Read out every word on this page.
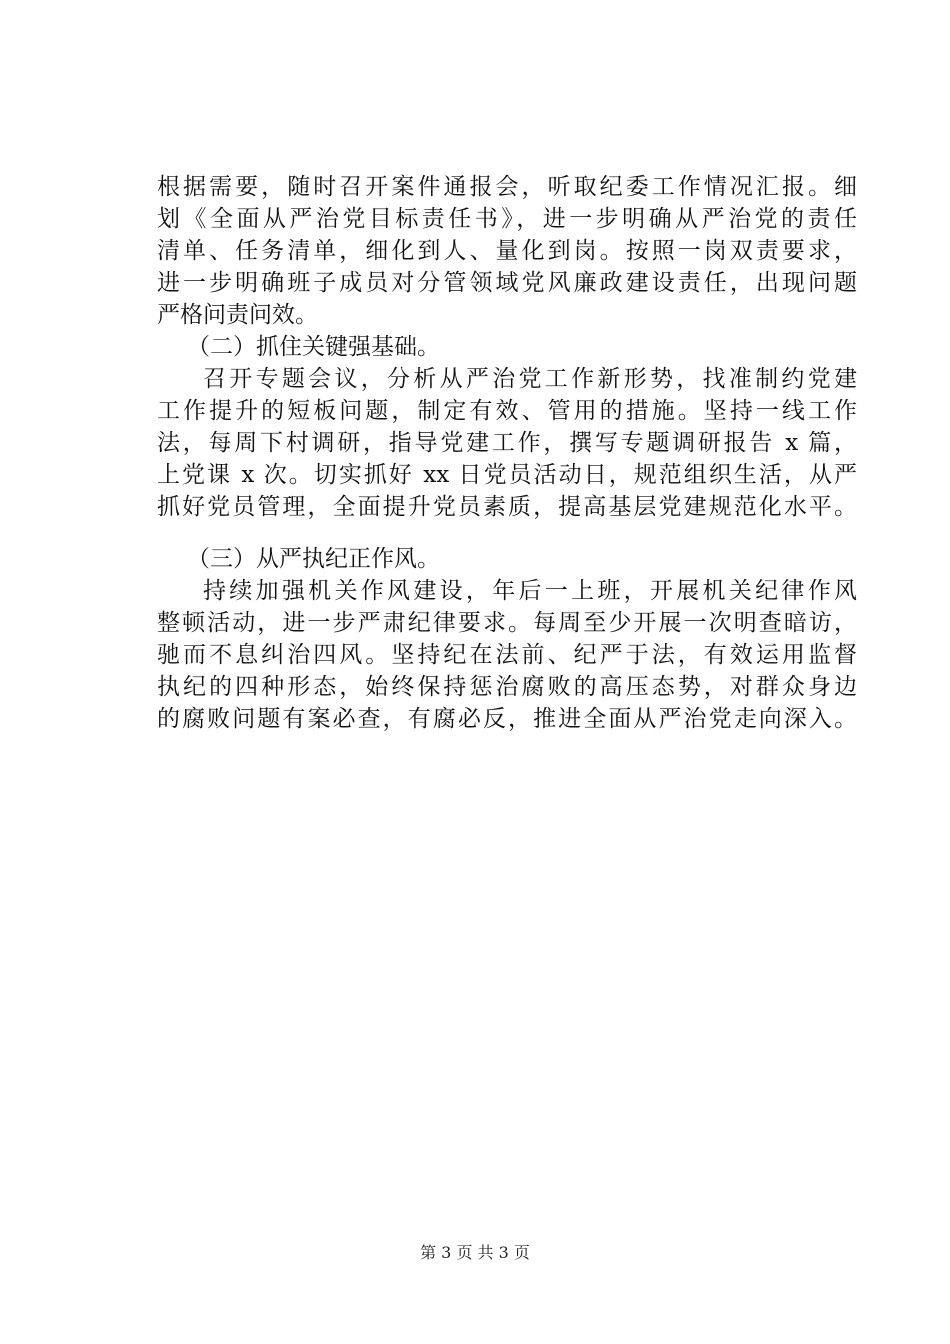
根据需要，随时召开案件通报会，听取纪委工作情况汇报。细
划《全面从严治党目标责任书》，进一步明确从严治党的责任
清单、任务清单，细化到人、量化到岗。按照一岗双责要求，
进一步明确班子成员对分管领域党风廉政建设责任，出现问题
严格问责问效。
（二）抓住关键强基础。
召开专题会议，分析从严治党工作新形势，找准制约党建
工作提升的短板问题，制定有效、管用的措施。坚持一线工作
法，每周下村调研，指导党建工作，撰写专题调研报告 x 篇，
上党课 x 次。切实抓好 xx 日党员活动日，规范组织生活，从严
抓好党员管理，全面提升党员素质，提高基层党建规范化水平。
（三）从严执纪正作风。
持续加强机关作风建设，年后一上班，开展机关纪律作风
整顿活动，进一步严肃纪律要求。每周至少开展一次明查暗访，
驰而不息纠治四风。坚持纪在法前、纪严于法，有效运用监督
执纪的四种形态，始终保持惩治腐败的高压态势，对群众身边
的腐败问题有案必查，有腐必反，推进全面从严治党走向深入。
第 3 页 共 3 页
